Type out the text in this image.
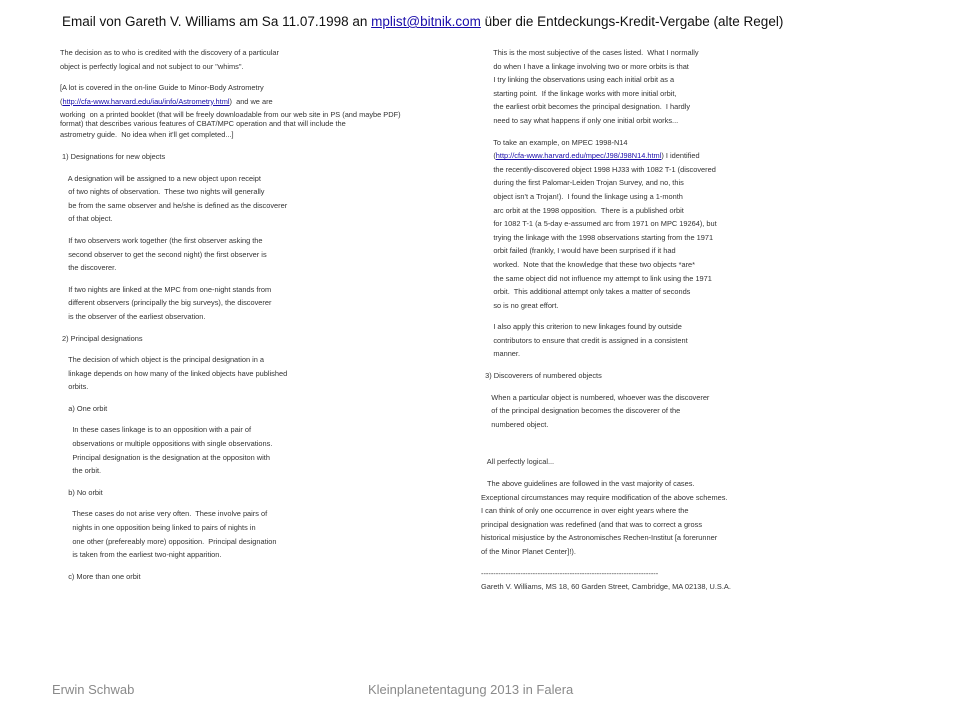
Email von Gareth V. Williams am Sa 11.07.1998 an mplist@bitnik.com über die Entdeckungs-Kredit-Vergabe (alte Regel)
The decision as to who is credited with the discovery of a particular
object is perfectly logical and not subject to our "whims".
[A lot is covered in the on-line Guide to Minor-Body Astrometry
(http://cfa-www.harvard.edu/iau/info/Astrometry.html)  and we are
working  on a printed booklet (that will be freely downloadable from our web site in PS (and maybe PDF)
format) that describes various features of CBAT/MPC operation and that will include the
astrometry guide.  No idea when it'll get completed...]
1) Designations for new objects
A designation will be assigned to a new object upon receipt
of two nights of observation.  These two nights will generally
be from the same observer and he/she is defined as the discoverer
of that object.
If two observers work together (the first observer asking the
second observer to get the second night) the first observer is
the discoverer.
If two nights are linked at the MPC from one-night stands from
different observers (principally the big surveys), the discoverer
is the observer of the earliest observation.
2) Principal designations
The decision of which object is the principal designation in a
linkage depends on how many of the linked objects have published
orbits.
a) One orbit
In these cases linkage is to an opposition with a pair of
observations or multiple oppositions with single observations.
Principal designation is the designation at the oppositon with
the orbit.
b) No orbit
These cases do not arise very often.  These involve pairs of
nights in one opposition being linked to pairs of nights in
one other (prefereably more) opposition.  Principal designation
is taken from the earliest two-night apparition.
c) More than one orbit
This is the most subjective of the cases listed.  What I normally
do when I have a linkage involving two or more orbits is that
I try linking the observations using each initial orbit as a
starting point.  If the linkage works with more initial orbit,
the earliest orbit becomes the principal designation.  I hardly
need to say what happens if only one initial orbit works...
To take an example, on MPEC 1998-N14
(http://cfa-www.harvard.edu/mpec/J98/J98N14.html) I identified
the recently-discovered object 1998 HJ33 with 1082 T-1 (discovered
during the first Palomar-Leiden Trojan Survey, and no, this
object isn't a Trojan!).  I found the linkage using a 1-month
arc orbit at the 1998 opposition.  There is a published orbit
for 1082 T-1 (a 5-day e-assumed arc from 1971 on MPC 19264), but
trying the linkage with the 1998 observations starting from the 1971
orbit failed (frankly, I would have been surprised if it had
worked.  Note that the knowledge that these two objects *are*
the same object did not influence my attempt to link using the 1971
orbit.  This additional attempt only takes a matter of seconds
so is no great effort.
I also apply this criterion to new linkages found by outside
contributors to ensure that credit is assigned in a consistent
manner.
3) Discoverers of numbered objects
When a particular object is numbered, whoever was the discoverer
of the principal designation becomes the discoverer of the
numbered object.
All perfectly logical...
The above guidelines are followed in the vast majority of cases.
Exceptional circumstances may require modification of the above schemes.
I can think of only one occurrence in over eight years where the
principal designation was redefined (and that was to correct a gross
historical misjustice by the Astronomisches Rechen-Institut [a forerunner
of the Minor Planet Center]!).
------------------------------------------------------------------------
Gareth V. Williams, MS 18, 60 Garden Street, Cambridge, MA 02138, U.S.A.
Erwin Schwab	Kleinplanetentagung 2013 in Falera
